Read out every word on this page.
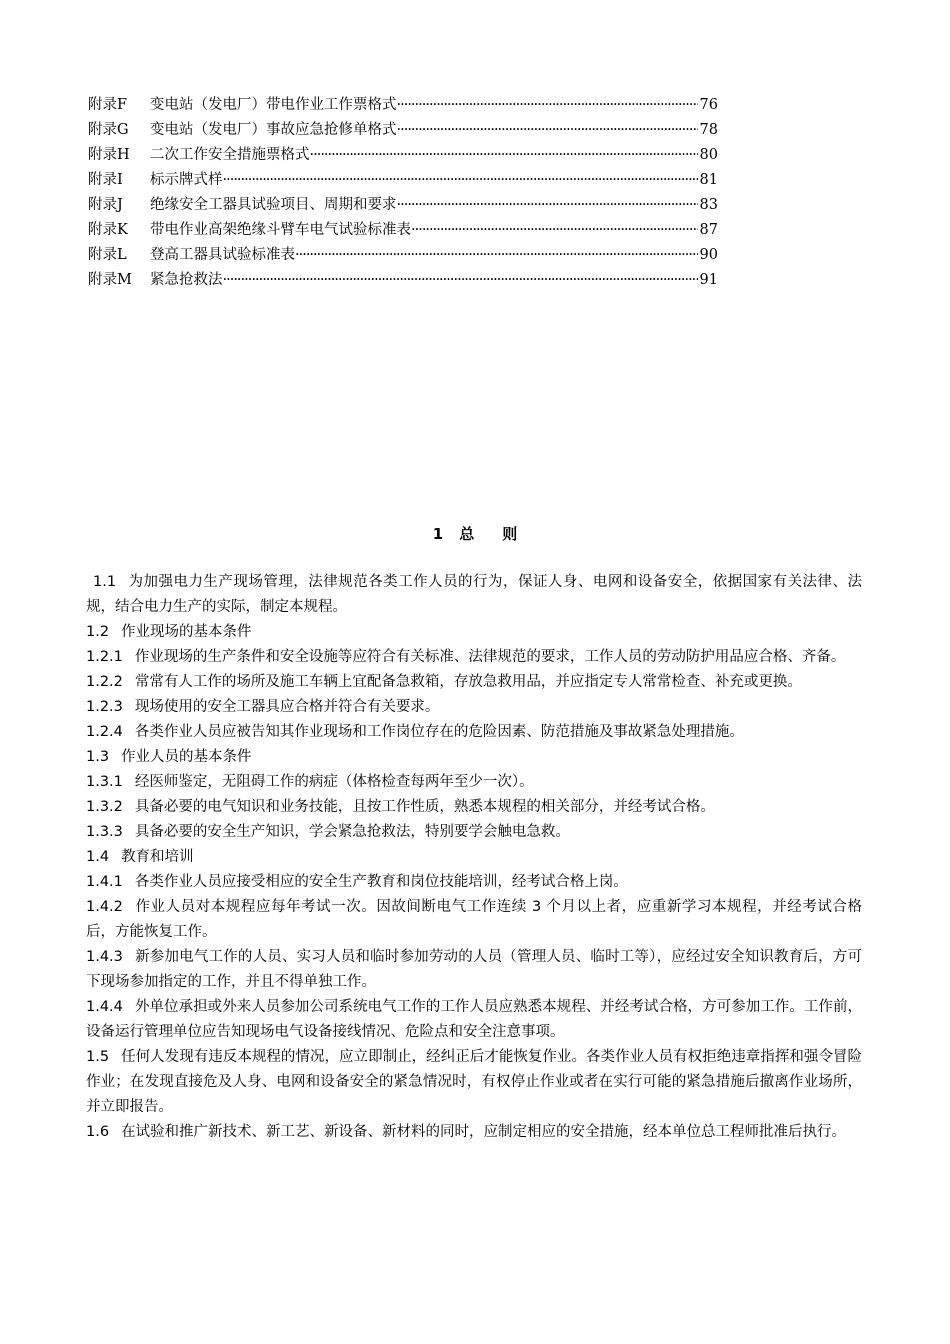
附录F 变电站（发电厂）带电作业工作票格式 ·····	76
附录G 变电站（发电厂）事故应急抢修单格式 ·····	78
附录H 二次工作安全措施票格式 ·····	80
附录I 标示牌式样 ·····	81
附录J 绝缘安全工器具试验项目、周期和要求 ·····	83
附录K 带电作业高架绝缘斗臂车电气试验标准表 ·····	87
附录L 登高工器具试验标准表 ·····	90
附录M 紧急抢救法 ·····	91
1 总 则

1.1 为加强电力生产现场管理，法律规范各类工作人员的行为，保证人身、电网和设备安全，依据国家有关法律、法规，结合电力生产的实际，制定本规程。

1.2 作业现场的基本条件

1.2.1 作业现场的生产条件和安全设施等应符合有关标准、法律规范的要求，工作人员的劳动防护用品应合格、齐备。

1.2.2 常常有人工作的场所及施工车辆上宜配备急救箱，存放急救用品，并应指定专人常常检查、补充或更换。

1.2.3 现场使用的安全工器具应合格并符合有关要求。

1.2.4 各类作业人员应被告知其作业现场和工作岗位存在的危险因素、防范措施及事故紧急处理措施。

1.3 作业人员的基本条件

1.3.1 经医师鉴定，无阻碍工作的病症（体格检查每两年至少一次）。

1.3.2 具备必要的电气知识和业务技能，且按工作性质，熟悉本规程的相关部分，并经考试合格。

1.3.3 具备必要的安全生产知识，学会紧急抢救法，特别要学会触电急救。

1.4 教育和培训

1.4.1 各类作业人员应接受相应的安全生产教育和岗位技能培训，经考试合格上岗。

1.4.2 作业人员对本规程应每年考试一次。因故间断电气工作连续 3 个月以上者，应重新学习本规程，并经考试合格后，方能恢复工作。

1.4.3 新参加电气工作的人员、实习人员和临时参加劳动的人员（管理人员、临时工等），应经过安全知识教育后，方可下现场参加指定的工作，并且不得单独工作。

1.4.4 外单位承担或外来人员参加公司系统电气工作的工作人员应熟悉本规程、并经考试合格，方可参加工作。工作前，设备运行管理单位应告知现场电气设备接线情况、危险点和安全注意事项。

1.5 任何人发现有违反本规程的情况，应立即制止，经纠正后才能恢复作业。各类作业人员有权拒绝违章指挥和强令冒险作业；在发现直接危及人身、电网和设备安全的紧急情况时，有权停止作业或者在实行可能的紧急措施后撤离作业场所，并立即报告。

1.6 在试验和推广新技术、新工艺、新设备、新材料的同时，应制定相应的安全措施，经本单位总工程师批准后执行。
